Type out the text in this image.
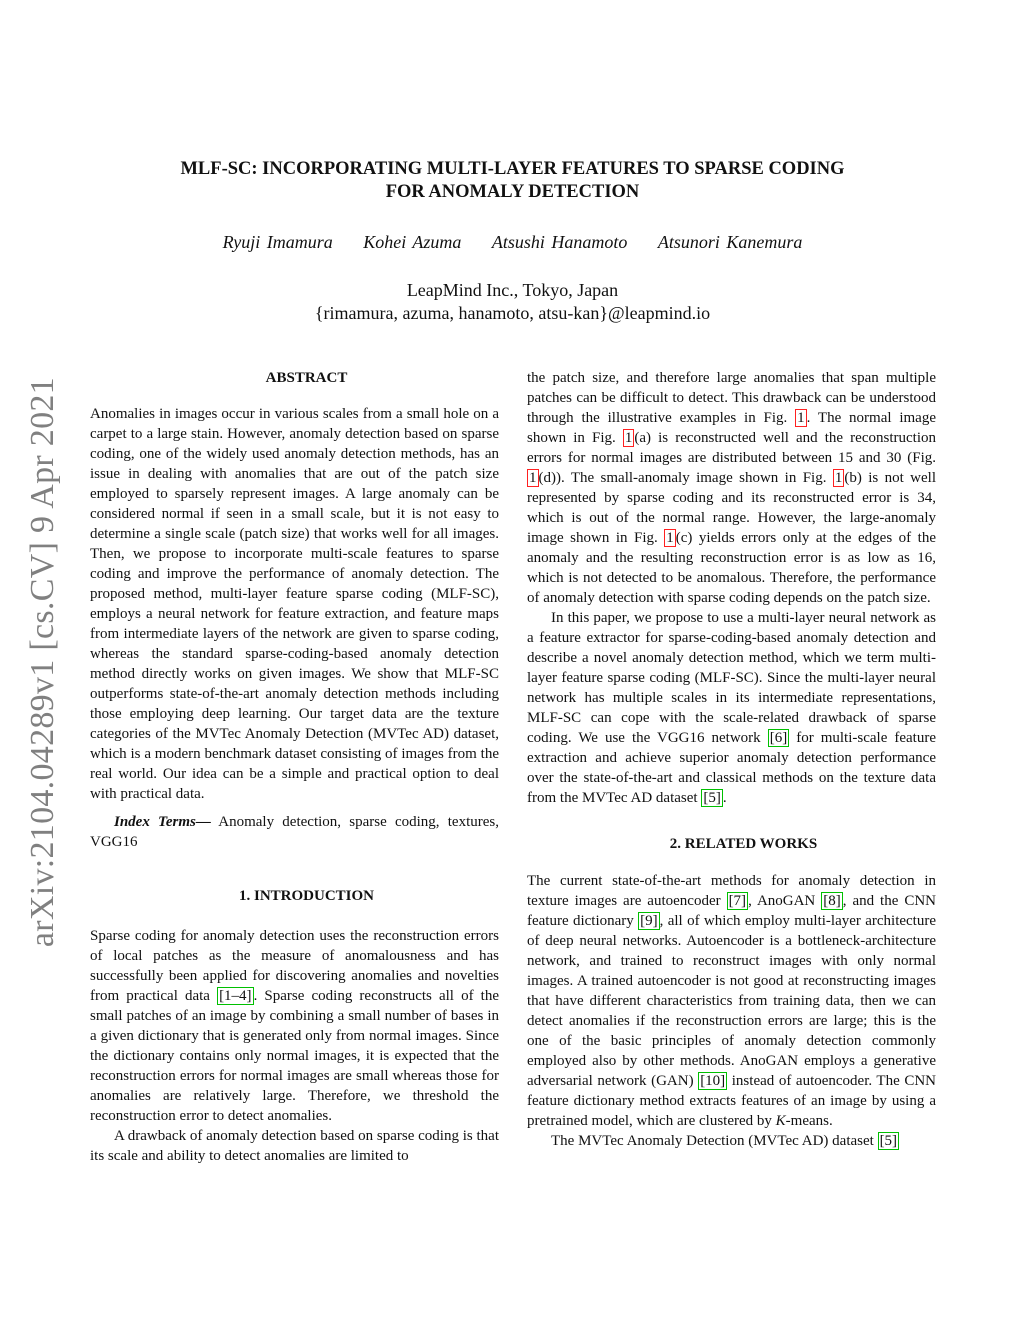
arXiv:2104.04289v1 [cs.CV] 9 Apr 2021
MLF-SC: INCORPORATING MULTI-LAYER FEATURES TO SPARSE CODING
FOR ANOMALY DETECTION
Ryuji Imamura Kohei Azuma Atsushi Hanamoto Atsunori Kanemura
LeapMind Inc., Tokyo, Japan
{rimamura, azuma, hanamoto, atsu-kan}@leapmind.io

ABSTRACT

Anomalies in images occur in various scales from a small hole on a carpet to a large stain. However, anomaly detection based on sparse coding, one of the widely used anomaly detection methods, has an issue in dealing with anomalies that are out of the patch size employed to sparsely represent images. A large anomaly can be considered normal if seen in a small scale, but it is not easy to determine a single scale (patch size) that works well for all images. Then, we propose to incorporate multi-scale features to sparse coding and improve the performance of anomaly detection. The proposed method, multi-layer feature sparse coding (MLF-SC), employs a neural network for feature extraction, and feature maps from intermediate layers of the network are given to sparse coding, whereas the standard sparse-coding-based anomaly detection method directly works on given images. We show that MLF-SC outperforms state-of-the-art anomaly detection methods including those employing deep learning. Our target data are the texture categories of the MVTec Anomaly Detection (MVTec AD) dataset, which is a modern benchmark dataset consisting of images from the real world. Our idea can be a simple and practical option to deal with practical data.

Index Terms— Anomaly detection, sparse coding, textures, VGG16

1. INTRODUCTION

Sparse coding for anomaly detection uses the reconstruction errors of local patches as the measure of anomalousness and has successfully been applied for discovering anomalies and novelties from practical data [1–4] . Sparse coding reconstructs all of the small patches of an image by combining a small number of bases in a given dictionary that is generated only from normal images. Since the dictionary contains only normal images, it is expected that the reconstruction errors for normal images are small whereas those for anomalies are relatively large. Therefore, we threshold the reconstruction error to detect anomalies.

A drawback of anomaly detection based on sparse coding is that its scale and ability to detect anomalies are limited to

the patch size, and therefore large anomalies that span multiple patches can be difficult to detect. This drawback can be understood through the illustrative examples in Fig. 1 . The normal image shown in Fig. 1 (a) is reconstructed well and the reconstruction errors for normal images are distributed between 15 and 30 (Fig. 1 (d)). The small-anomaly image shown in Fig. 1 (b) is not well represented by sparse coding and its reconstructed error is 34, which is out of the normal range. However, the large-anomaly image shown in Fig. 1 (c) yields errors only at the edges of the anomaly and the resulting reconstruction error is as low as 16, which is not detected to be anomalous. Therefore, the performance of anomaly detection with sparse coding depends on the patch size.

In this paper, we propose to use a multi-layer neural network as a feature extractor for sparse-coding-based anomaly detection and describe a novel anomaly detection method, which we term multi-layer feature sparse coding (MLF-SC). Since the multi-layer neural network has multiple scales in its intermediate representations, MLF-SC can cope with the scale-related drawback of sparse coding. We use the VGG16 network [6] for multi-scale feature extraction and achieve superior anomaly detection performance over the state-of-the-art and classical methods on the texture data from the MVTec AD dataset [5] .

2. RELATED WORKS

The current state-of-the-art methods for anomaly detection in texture images are autoencoder [7] , AnoGAN [8] , and the CNN feature dictionary [9] , all of which employ multi-layer architecture of deep neural networks. Autoencoder is a bottleneck-architecture network, and trained to reconstruct images with only normal images. A trained autoencoder is not good at reconstructing images that have different characteristics from training data, then we can detect anomalies if the reconstruction errors are large; this is the one of the basic principles of anomaly detection commonly employed also by other methods. AnoGAN employs a generative adversarial network (GAN) [10] instead of autoencoder. The CNN feature dictionary method extracts features of an image by using a pretrained model, which are clustered by K-means.

The MVTec Anomaly Detection (MVTec AD) dataset [5]
